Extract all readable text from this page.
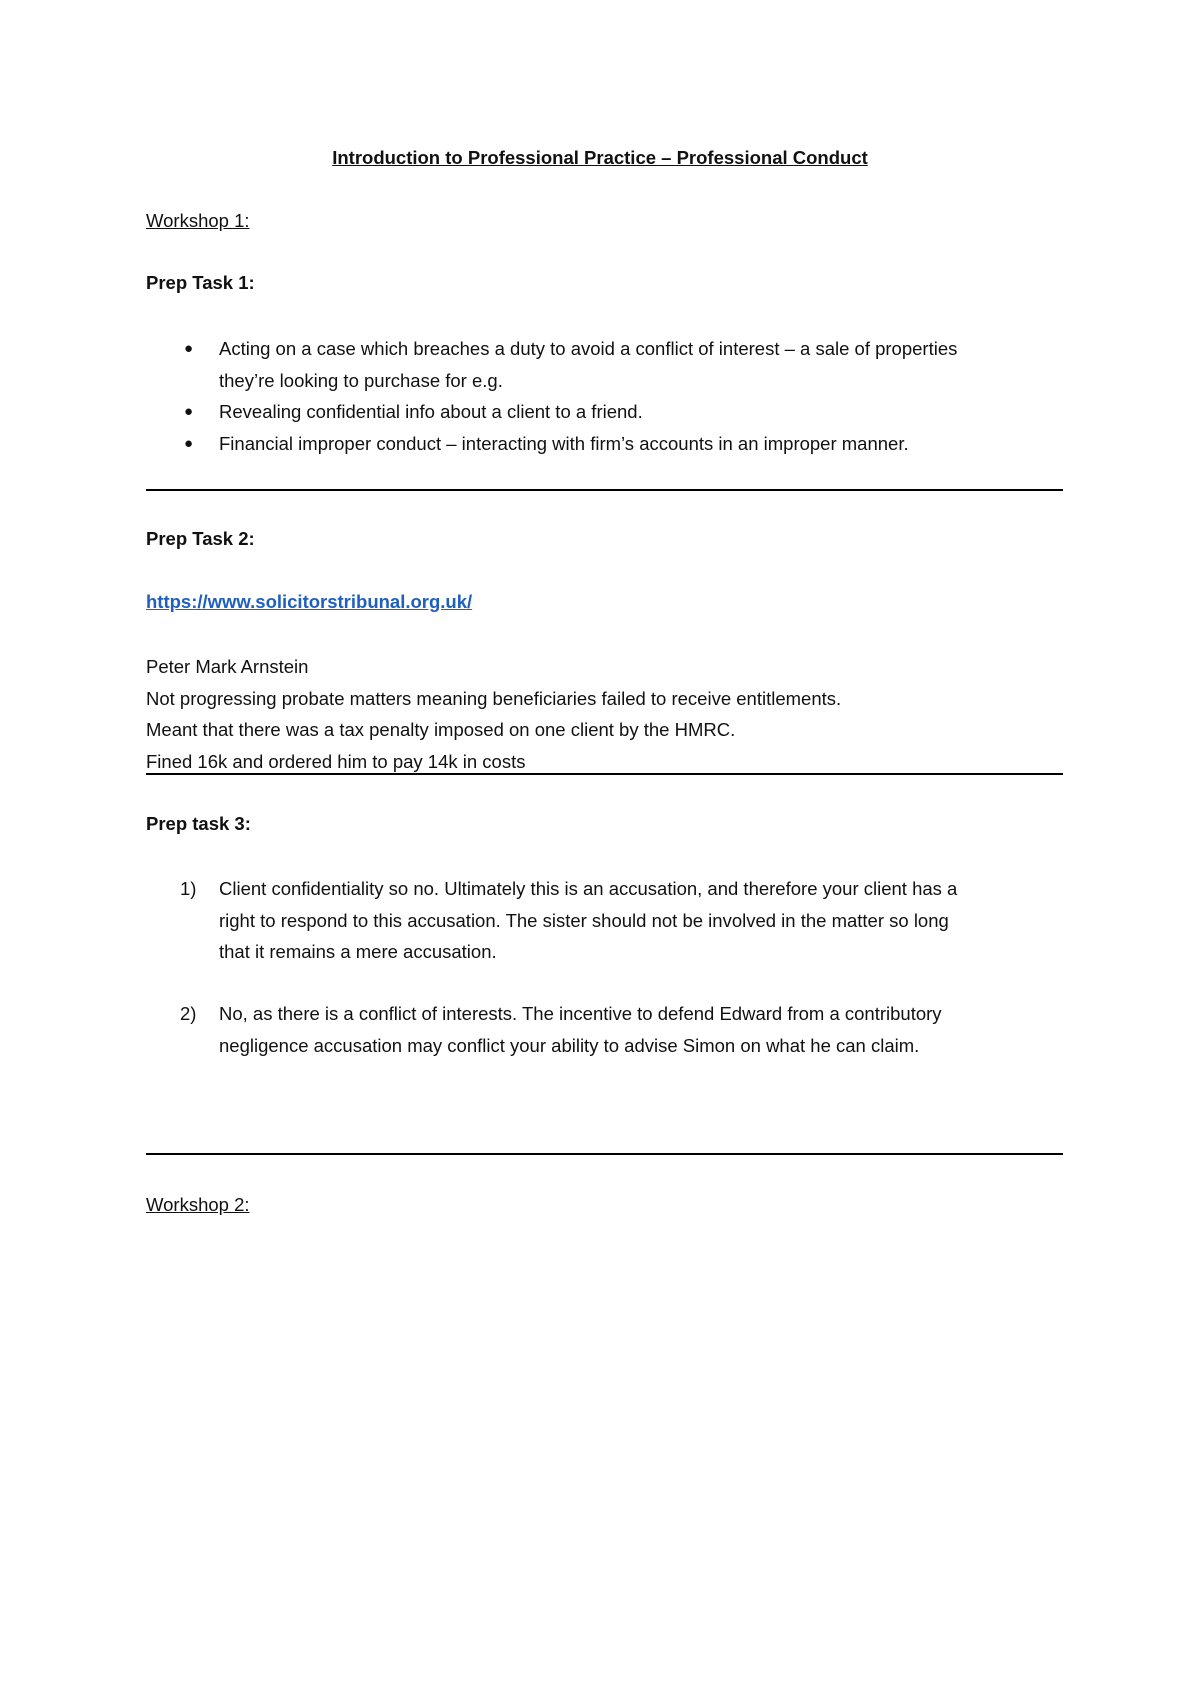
Introduction to Professional Practice – Professional Conduct
Workshop 1:
Prep Task 1:
● Acting on a case which breaches a duty to avoid a conflict of interest – a sale of properties
they’re looking to purchase for e.g.
● Revealing confidential info about a client to a friend.
● Financial improper conduct – interacting with firm’s accounts in an improper manner.
Prep Task 2:
https://www.solicitorstribunal.org.uk/
Peter Mark Arnstein
Not progressing probate matters meaning beneficiaries failed to receive entitlements.
Meant that there was a tax penalty imposed on one client by the HMRC.
Fined 16k and ordered him to pay 14k in costs
Prep task 3:
1) Client confidentiality so no. Ultimately this is an accusation, and therefore your client has a
right to respond to this accusation. The sister should not be involved in the matter so long
that it remains a mere accusation.
2) No, as there is a conflict of interests. The incentive to defend Edward from a contributory
negligence accusation may conflict your ability to advise Simon on what he can claim.
Workshop 2:
